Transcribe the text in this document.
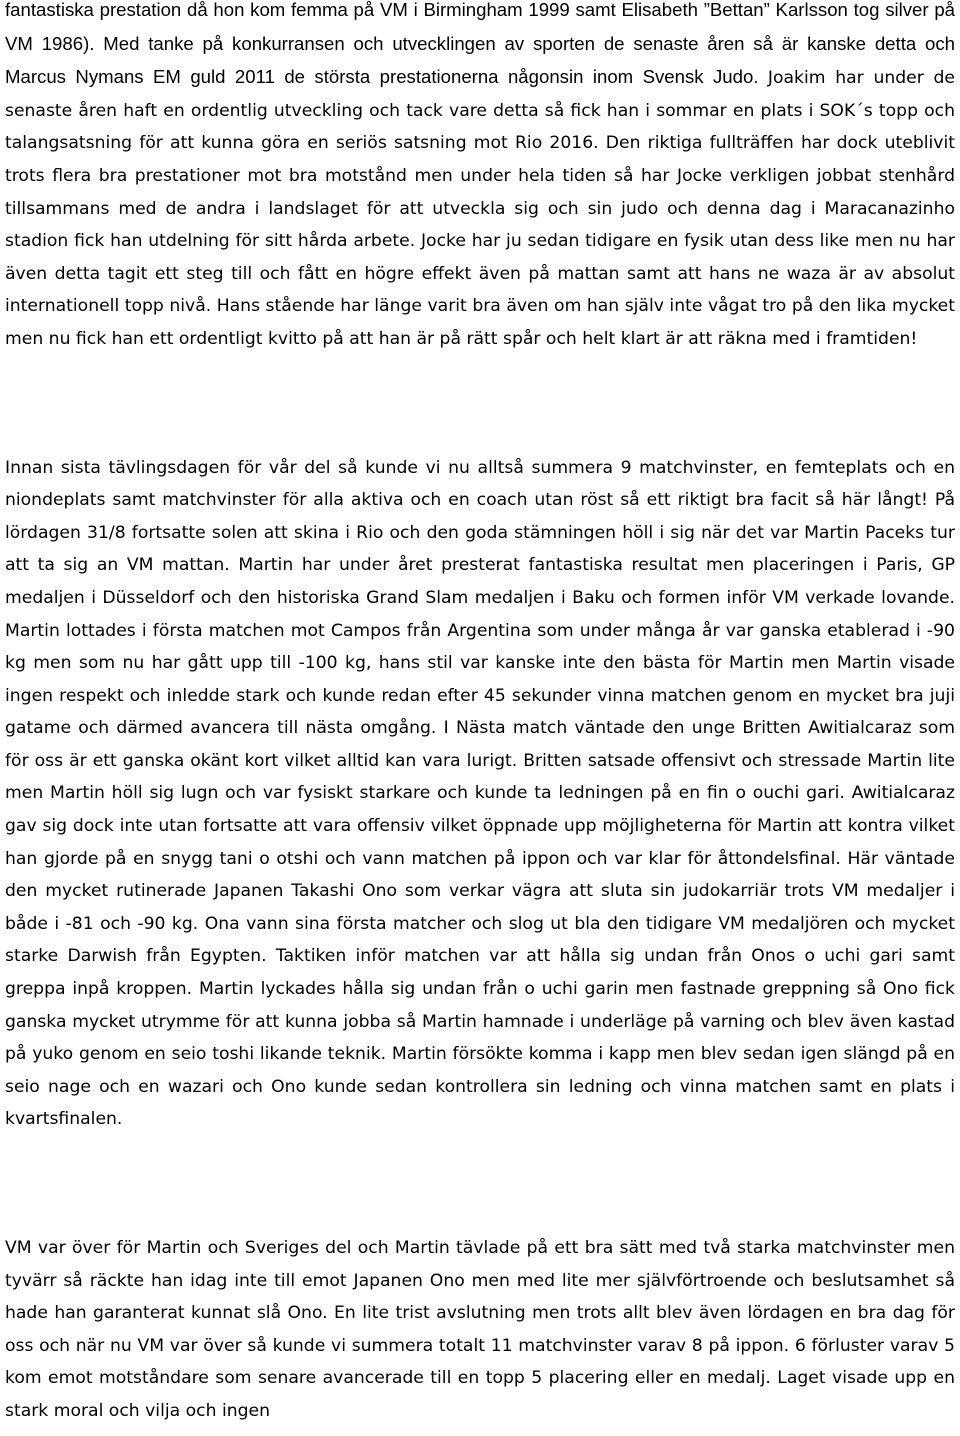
fantastiska prestation då hon kom femma på VM i Birmingham 1999 samt Elisabeth ”Bettan” Karlsson tog silver på VM 1986). Med tanke på konkurransen och utvecklingen av sporten de senaste åren så är kanske detta och Marcus Nymans EM guld 2011 de största prestationerna någonsin inom Svensk Judo. Joakim har under de senaste åren haft en ordentlig utveckling och tack vare detta så fick han i sommar en plats i SOK´s topp och talangsatsning för att kunna göra en seriös satsning mot Rio 2016. Den riktiga fullträffen har dock uteblivit trots flera bra prestationer mot bra motstånd men under hela tiden så har Jocke verkligen jobbat stenhård tillsammans med de andra i landslaget för att utveckla sig och sin judo och denna dag i Maracanazinho stadion fick han utdelning för sitt hårda arbete. Jocke har ju sedan tidigare en fysik utan dess like men nu har även detta tagit ett steg till och fått en högre effekt även på mattan samt att hans ne waza är av absolut internationell topp nivå. Hans stående har länge varit bra även om han själv inte vågat tro på den lika mycket men nu fick han ett ordentligt kvitto på att han är på rätt spår och helt klart är att räkna med i framtiden!

Innan sista tävlingsdagen för vår del så kunde vi nu alltså summera 9 matchvinster, en femteplats och en niondeplats samt matchvinster för alla aktiva och en coach utan röst så ett riktigt bra facit så här långt! På lördagen 31/8 fortsatte solen att skina i Rio och den goda stämningen höll i sig när det var Martin Paceks tur att ta sig an VM mattan. Martin har under året presterat fantastiska resultat men placeringen i Paris, GP medaljen i Düsseldorf och den historiska Grand Slam medaljen i Baku och formen inför VM verkade lovande. Martin lottades i första matchen mot Campos från Argentina som under många år var ganska etablerad i -90 kg men som nu har gått upp till -100 kg, hans stil var kanske inte den bästa för Martin men Martin visade ingen respekt och inledde stark och kunde redan efter 45 sekunder vinna matchen genom en mycket bra juji gatame och därmed avancera till nästa omgång. I Nästa match väntade den unge Britten Awitialcaraz som för oss är ett ganska okänt kort vilket alltid kan vara lurigt. Britten satsade offensivt och stressade Martin lite men Martin höll sig lugn och var fysiskt starkare och kunde ta ledningen på en fin o ouchi gari. Awitialcaraz gav sig dock inte utan fortsatte att vara offensiv vilket öppnade upp möjligheterna för Martin att kontra vilket han gjorde på en snygg tani o otshi och vann matchen på ippon och var klar för åttondelsfinal. Här väntade den mycket rutinerade Japanen Takashi Ono som verkar vägra att sluta sin judokarriär trots VM medaljer i både i -81 och -90 kg. Ona vann sina första matcher och slog ut bla den tidigare VM medaljören och mycket starke Darwish från Egypten. Taktiken inför matchen var att hålla sig undan från Onos o uchi gari samt greppa inpå kroppen. Martin lyckades hålla sig undan från o uchi garin men fastnade greppning så Ono fick ganska mycket utrymme för att kunna jobba så Martin hamnade i underläge på varning och blev även kastad på yuko genom en seio toshi likande teknik. Martin försökte komma i kapp men blev sedan igen slängd på en seio nage och en wazari och Ono kunde sedan kontrollera sin ledning och vinna matchen samt en plats i kvartsfinalen.

VM var över för Martin och Sveriges del och Martin tävlade på ett bra sätt med två starka matchvinster men tyvärr så räckte han idag inte till emot Japanen Ono men med lite mer självförtroende och beslutsamhet så hade han garanterat kunnat slå Ono. En lite trist avslutning men trots allt blev även lördagen en bra dag för oss och när nu VM var över så kunde vi summera totalt 11 matchvinster varav 8 på ippon. 6 förluster varav 5 kom emot motståndare som senare avancerade till en topp 5 placering eller en medalj. Laget visade upp en stark moral och vilja och ingen
